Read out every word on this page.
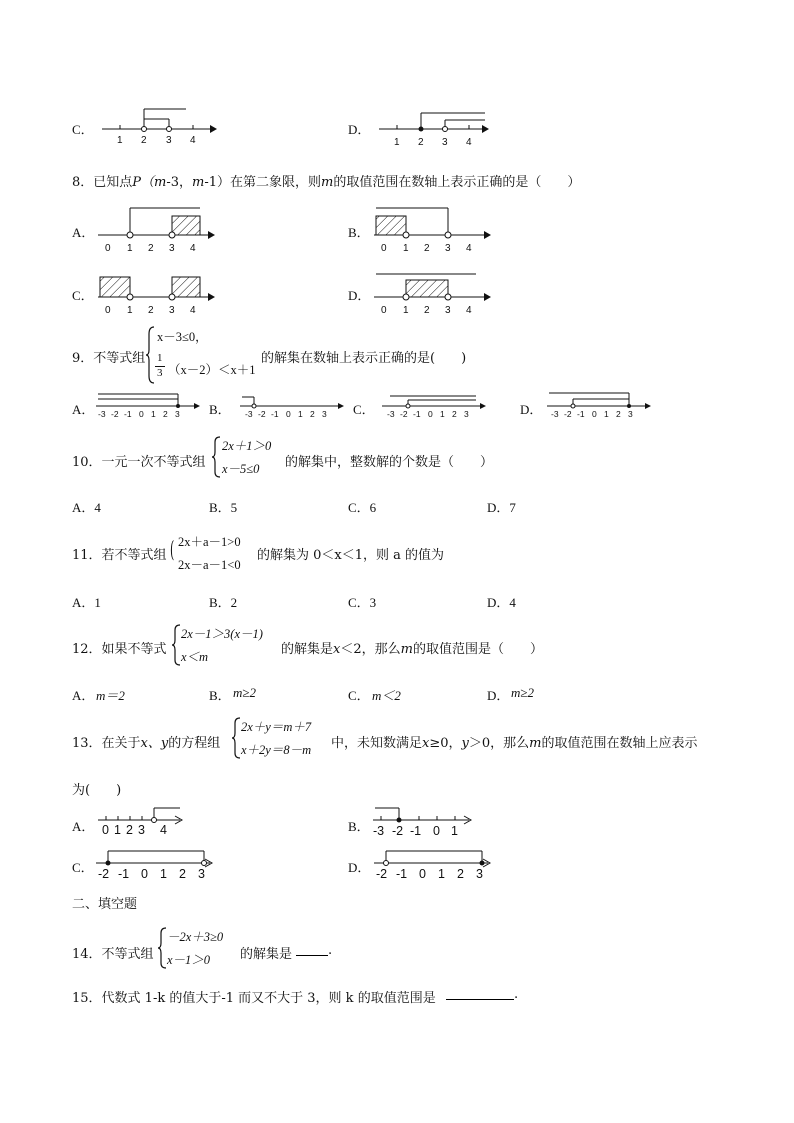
C．
1 2 3 4
D．
1 2 3 4
8．已知点P（m-3，m-1）在第二象限，则m的取值范围在数轴上表示正确的是（　　）
A．
0 1 2 3 4
B．
0 1 2 3 4
C．
0 1 2 3 4
D．
0 1 2 3 4
9．不等式组
x－3≤0，
1
3 （x－2）＜x＋1
的解集在数轴上表示正确的是(　　)
A． -3 -2 -1 0 1 2 3 B． -3 -2 -1 0 1 2 3 C． -3 -2 -1 0 1 2 3	D． -3 -2 -1 0 1 2 3
10．一元一次不等式组
2x＋1＞0
x－5≤0 的解集中，整数解的个数是（　　）
A．4	B．5	C．6	D．7
11．若不等式组 ( 2x＋a－1>0
2x－a－1<0
的解集为 0＜x＜1，则 a 的值为
A．1	B．2	C．3	D．4
12．如果不等式
2x－1＞3(x－1)
x＜m	的解集是x＜2，那么m的取值范围是（　　）
A． m＝2	B． m≥2	C． m＜2	D． m≥2
13．在关于x、y的方程组
2x＋y＝m＋7
x＋2y＝8－m 中，未知数满足x≥0，y＞0，那么m的取值范围在数轴上应表示
为(　　)
A． 0 1 2 3 4	B． -3 -2 -1 0 1
C． -2 -1 0 1 2 3	D． -2 -1 0 1 2 3
二、填空题
14．不等式组
－2x＋3≥0
x－1＞0 的解集是	.
15．代数式 1-k 的值大于-1 而又不大于 3，则 k 的取值范围是	.
